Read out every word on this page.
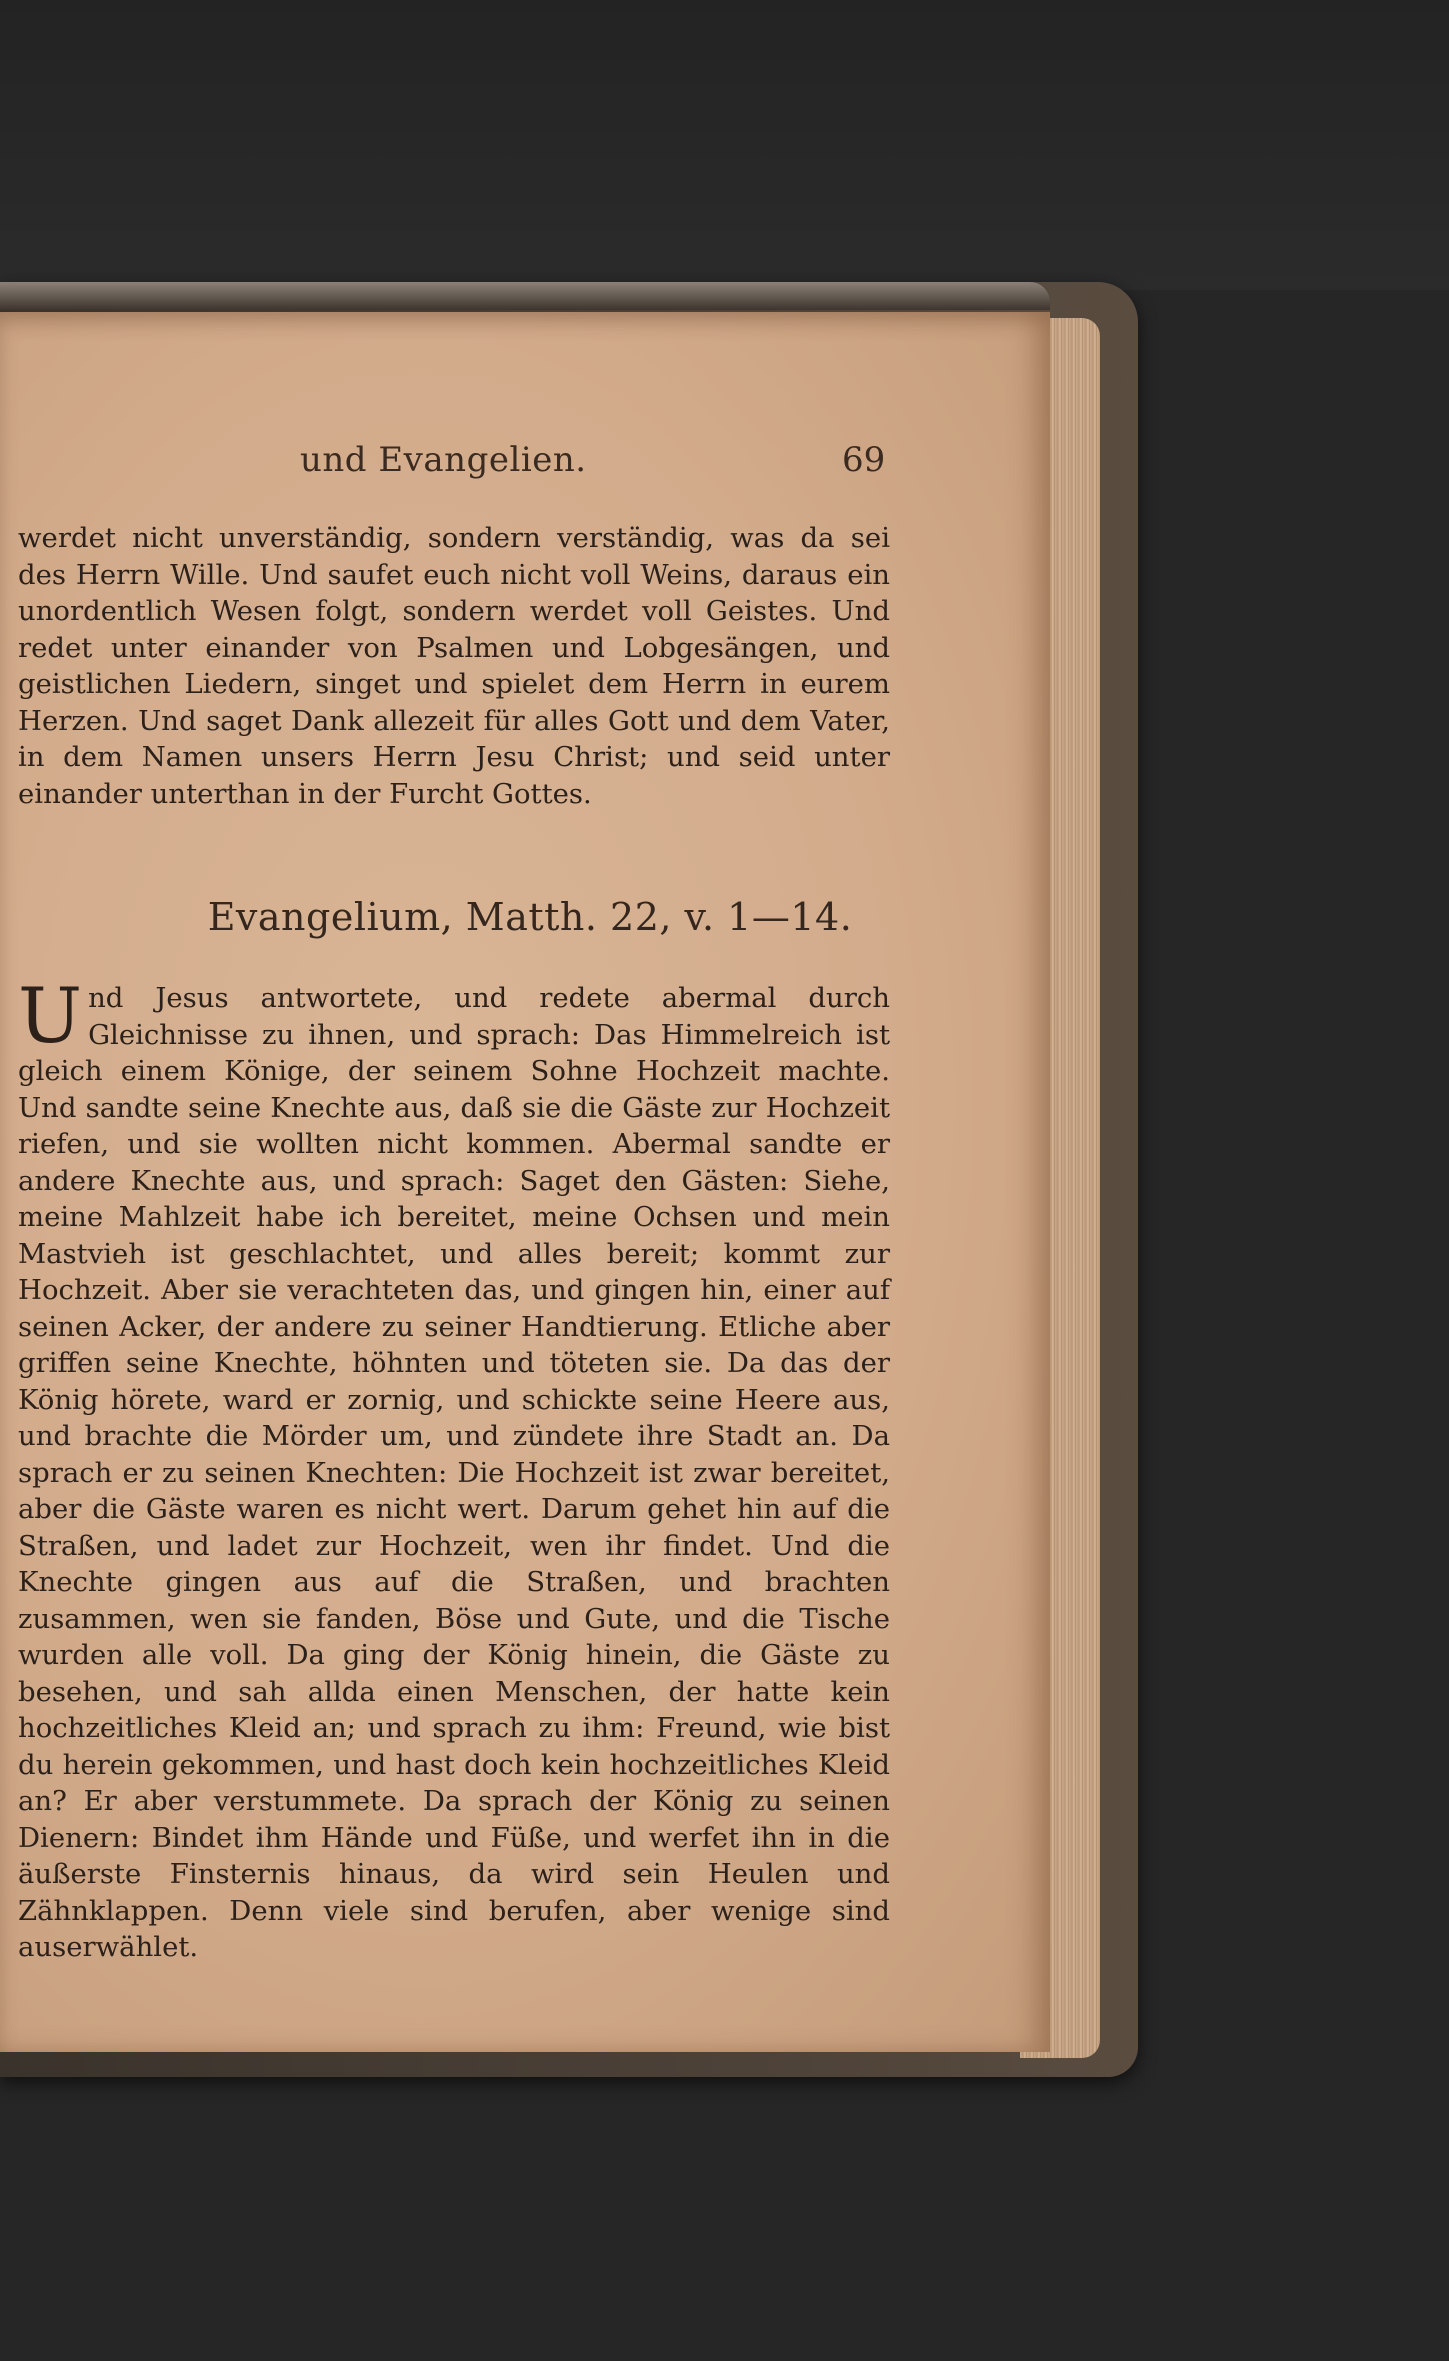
und Evangelien.	69
werdet nicht unverständig, sondern verständig, was da sei des Herrn Wille. Und saufet euch nicht voll Weins, daraus ein unordentlich Wesen folgt, sondern werdet voll Geistes. Und redet unter einander von Psalmen und Lobgesängen, und geistlichen Liedern, singet und spielet dem Herrn in eurem Herzen. Und saget Dank allezeit für alles Gott und dem Vater, in dem Namen unsers Herrn Jesu Christ; und seid unter einander unterthan in der Furcht Gottes.
Evangelium, Matth. 22, v. 1—14.
U nd Jesus antwortete, und redete abermal durch Gleichnisse zu ihnen, und sprach: Das Himmelreich ist gleich einem Könige, der seinem Sohne Hochzeit machte. Und sandte seine Knechte aus, daß sie die Gäste zur Hochzeit riefen, und sie wollten nicht kommen. Abermal sandte er andere Knechte aus, und sprach: Saget den Gästen: Siehe, meine Mahlzeit habe ich bereitet, meine Ochsen und mein Mastvieh ist geschlachtet, und alles bereit; kommt zur Hochzeit. Aber sie verachteten das, und gingen hin, einer auf seinen Acker, der andere zu seiner Handtierung. Etliche aber griffen seine Knechte, höhnten und töteten sie. Da das der König hörete, ward er zornig, und schickte seine Heere aus, und brachte die Mörder um, und zündete ihre Stadt an. Da sprach er zu seinen Knechten: Die Hochzeit ist zwar bereitet, aber die Gäste waren es nicht wert. Darum gehet hin auf die Straßen, und ladet zur Hochzeit, wen ihr findet. Und die Knechte gingen aus auf die Straßen, und brachten zusammen, wen sie fanden, Böse und Gute, und die Tische wurden alle voll. Da ging der König hinein, die Gäste zu besehen, und sah allda einen Menschen, der hatte kein hochzeitliches Kleid an; und sprach zu ihm: Freund, wie bist du herein gekommen, und hast doch kein hochzeitliches Kleid an? Er aber verstummete. Da sprach der König zu seinen Dienern: Bindet ihm Hände und Füße, und werfet ihn in die äußerste Finsternis hinaus, da wird sein Heulen und Zähnklappen. Denn viele sind berufen, aber wenige sind auserwählet.
